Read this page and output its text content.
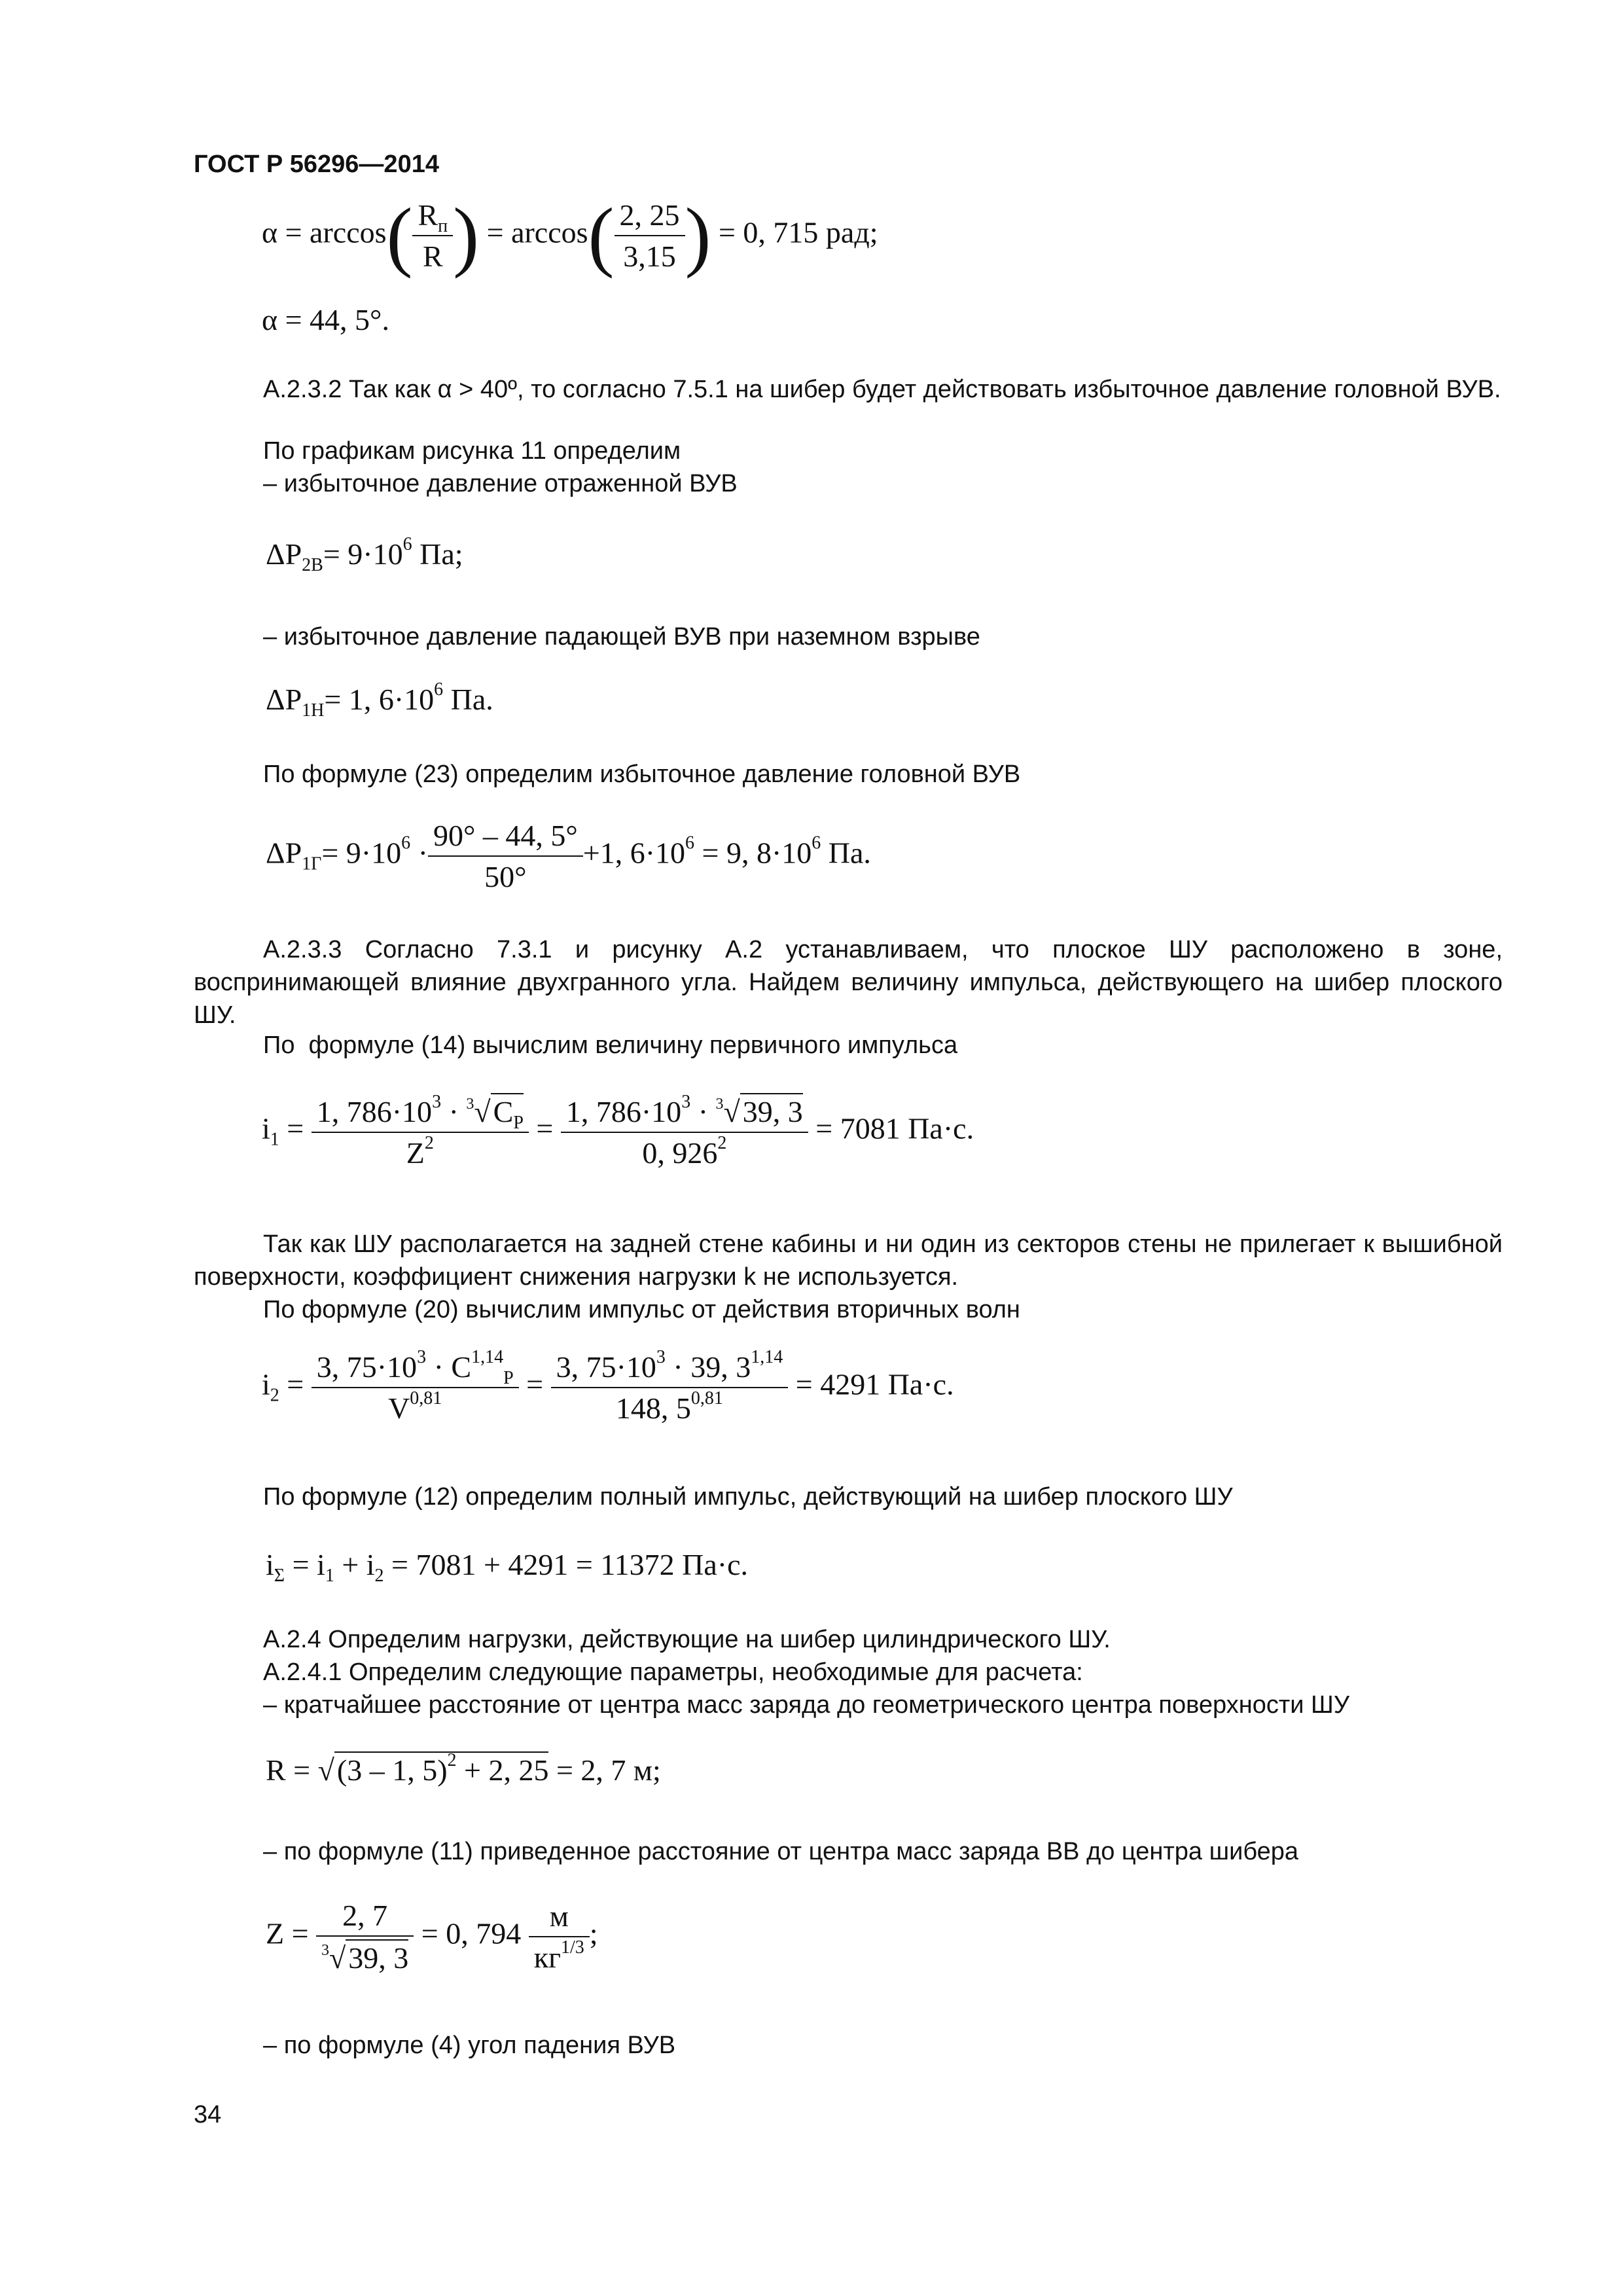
ГОСТ Р 56296—2014
$\alpha = \arccos( \frac{R_п}{R}$ ) = $\arccos( \frac{2, 25}{3,15}$ ) = 0, 715 рад;
α = 44, 5°.
А.2.3.2 Так как α > 40º, то согласно 7.5.1 на шибер будет действовать избыточное давление головной ВУВ.
По графикам рисунка 11 определим
– избыточное давление отраженной ВУВ
$\Delta P_{2В}= 9\cdot 10^6$ Па;
– избыточное давление падающей ВУВ при наземном взрыве
$\Delta P_{1Н}= 1$, $6\cdot 10^6$ Па.
По формуле (23) определим избыточное давление головной ВУВ
$\Delta P_{1Г}= 9\cdot 10^6 \cdot \frac{90^\circ - 44, 5^\circ}{50^\circ} +1$, $6\cdot 10^6 = 9$, $8\cdot 10^6$ Па.
А.2.3.3 Согласно 7.3.1 и рисунку А.2 устанавливаем, что плоское ШУ расположено в зоне, воспринимающей влияние двухгранного угла. Найдем величину импульса, действующего на шибер плоского ШУ.
По  формуле (14) вычислим величину первичного импульса
$i_1 = \frac{1, 786\cdot 10^3 \cdot ^3√C_P}{Z^2} = \frac{1, 786\cdot 10^3 \cdot ^3√39, 3}{0, 926^2} = 7081$ Па·с.
Так как ШУ располагается на задней стене кабины и ни один из секторов стены не прилегает к вышибной поверхности, коэффициент снижения нагрузки k не используется.
По формуле (20) вычислим импульс от действия вторичных волн
$i_2 = \frac{3, 75\cdot 10^3 \cdot C^{1,14}_P}{V^{0,81}} = \frac{3, 75\cdot 10^3 \cdot 39, 3^{1,14}}{148, 5^{0,81}} = 4291$ Па·с.
По формуле (12) определим полный импульс, действующий на шибер плоского ШУ
$i_\Sigma = i_1 + i_2 = 7081 + 4291 = 11372$ Па·с.
А.2.4 Определим нагрузки, действующие на шибер цилиндрического ШУ.
А.2.4.1 Определим следующие параметры, необходимые для расчета:
– кратчайшее расстояние от центра масс заряда до геометрического центра поверхности ШУ
R = √(3 – 1, 5)$^2$ + 2, 25 = 2, 7 м;
– по формуле (11) приведенное расстояние от центра масс заряда ВВ до центра шибера
$Z = \frac{2, 7}{^3√39, 3} = 0$, $794 \frac{м}{кг^{1/3}}$ ;
– по формуле (4) угол падения ВУВ
34
